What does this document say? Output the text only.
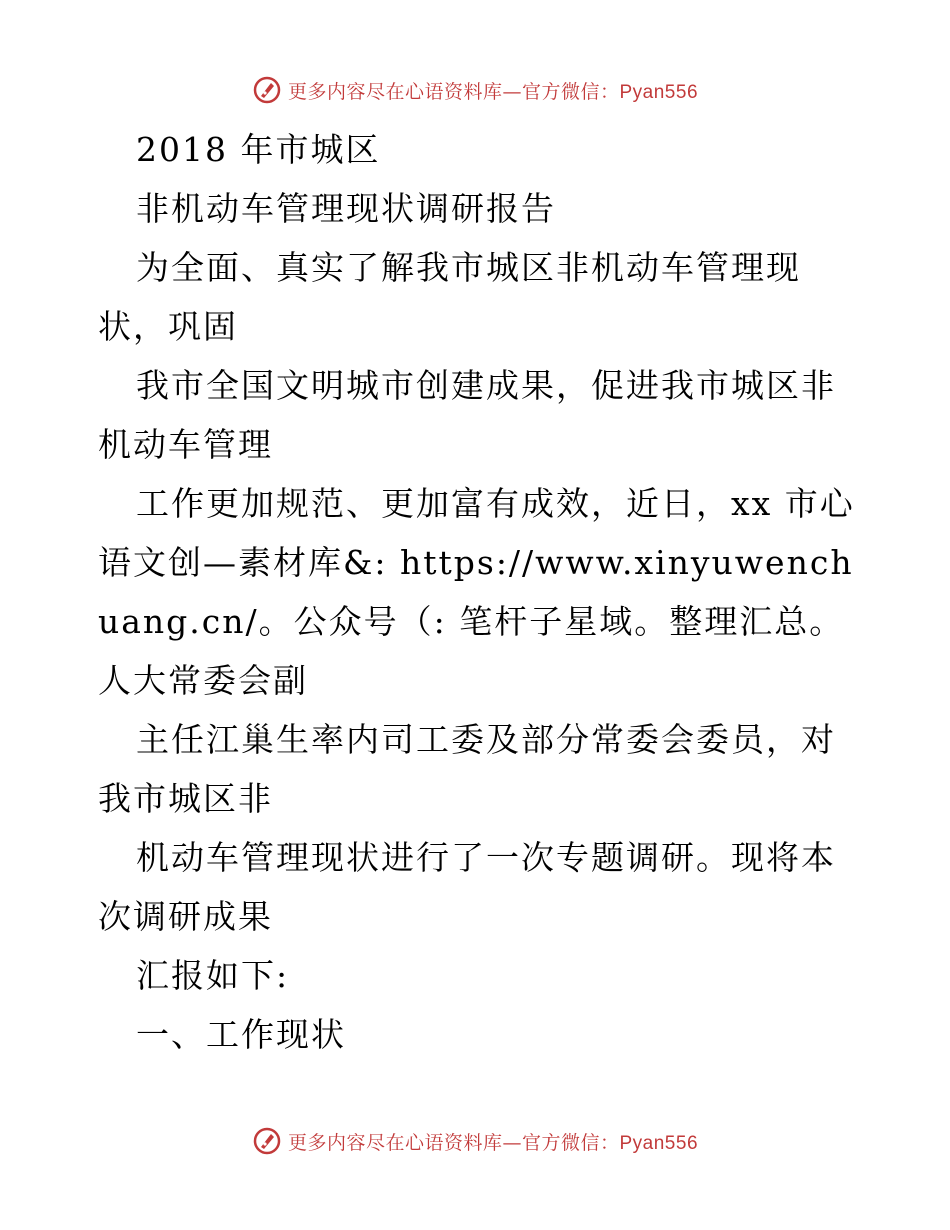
更多内容尽在心语资料库—官方微信：Pyan556

2018 年市城区

非机动车管理现状调研报告

为全面、真实了解我市城区非机动车管理现状，巩固

我市全国文明城市创建成果，促进我市城区非机动车管理

工作更加规范、更加富有成效，近日，xx 市心语文创—素材库&: https://www.xinyuwenchuang.cn/。公众号（: 笔杆子星域。整理汇总。人大常委会副

主任江巢生率内司工委及部分常委会委员，对我市城区非

机动车管理现状进行了一次专题调研。现将本次调研成果

汇报如下:

一、工作现状

更多内容尽在心语资料库—官方微信：Pyan556
